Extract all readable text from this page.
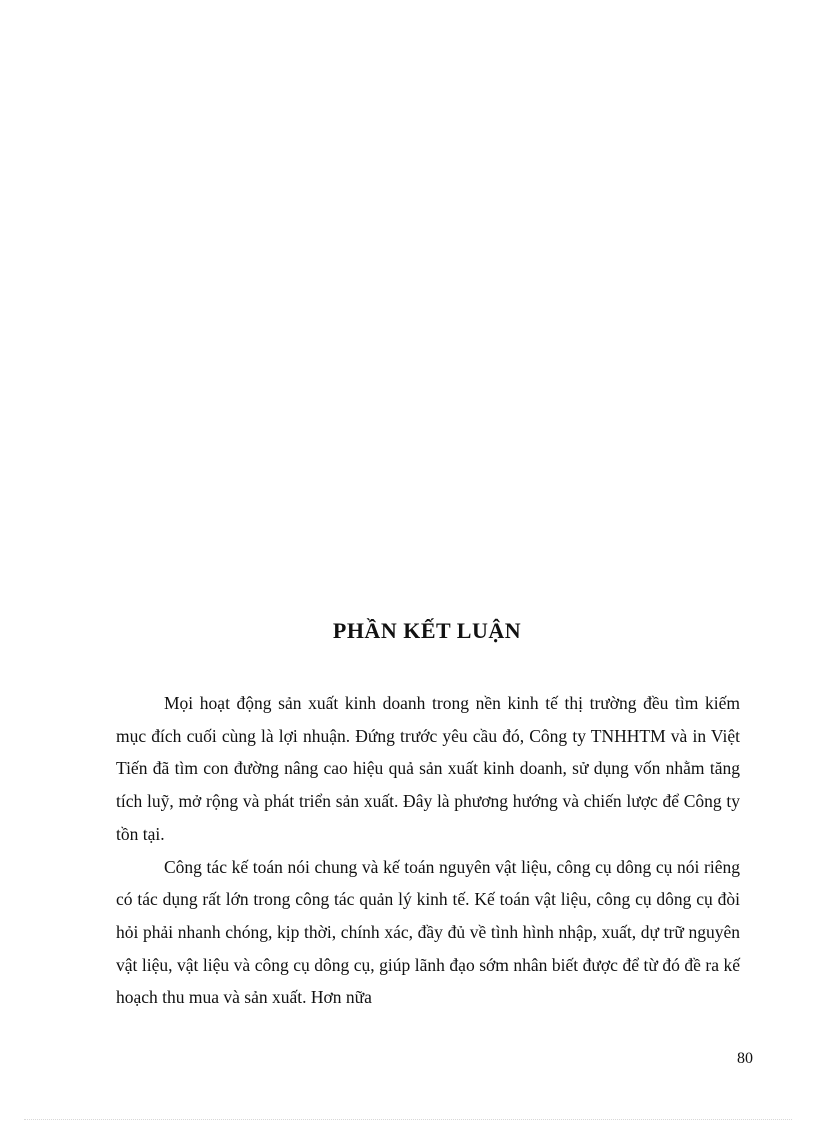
PHẦN KẾT LUẬN

Mọi hoạt động sản xuất kinh doanh trong nền kinh tế thị trường đều tìm kiếm mục đích cuối cùng là lợi nhuận. Đứng trước yêu cầu đó, Công ty TNHHTM và in Việt Tiến đã tìm con đường nâng cao hiệu quả sản xuất kinh doanh, sử dụng vốn nhằm tăng tích luỹ, mở rộng và phát triển sản xuất. Đây là phương hướng và chiến lược để Công ty tồn tại.

Công tác kế toán nói chung và kế toán nguyên vật liệu, công cụ dông cụ nói riêng có tác dụng rất lớn trong công tác quản lý kinh tế. Kế toán vật liệu, công cụ dông cụ đòi hỏi phải nhanh chóng, kịp thời, chính xác, đầy đủ về tình hình nhập, xuất, dự trữ nguyên vật liệu, vật liệu và công cụ dông cụ, giúp lãnh đạo sớm nhân biết được để từ đó đề ra kế hoạch thu mua và sản xuất. Hơn nữa

80
